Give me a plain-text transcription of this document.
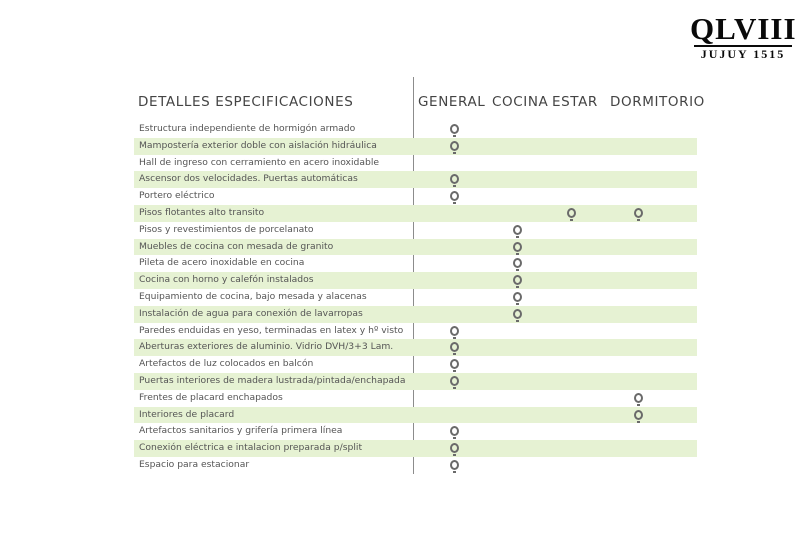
QLVIII
JUJUY 1515
DETALLES ESPECIFICACIONES	GENERAL COCINA ESTAR DORMITORIO
Estructura independiente de hormigón armado
Mampostería exterior doble con aislación hidráulica
Hall de ingreso con cerramiento en acero inoxidable
Ascensor dos velocidades. Puertas automáticas
Portero eléctrico
Pisos flotantes alto transito
Pisos y revestimientos de porcelanato
Muebles de cocina con mesada de granito
Pileta de acero inoxidable en cocina
Cocina con horno y calefón instalados
Equipamiento de cocina, bajo mesada y alacenas
Instalación de agua para conexión de lavarropas
Paredes enduidas en yeso, terminadas en latex y hº visto
Aberturas exteriores de aluminio. Vidrio DVH/3+3 Lam.
Artefactos de luz colocados en balcón
Puertas interiores de madera lustrada/pintada/enchapada
Frentes de placard enchapados
Interiores de placard
Artefactos sanitarios y grifería primera línea
Conexión eléctrica e intalacion preparada p/split
Espacio para estacionar
